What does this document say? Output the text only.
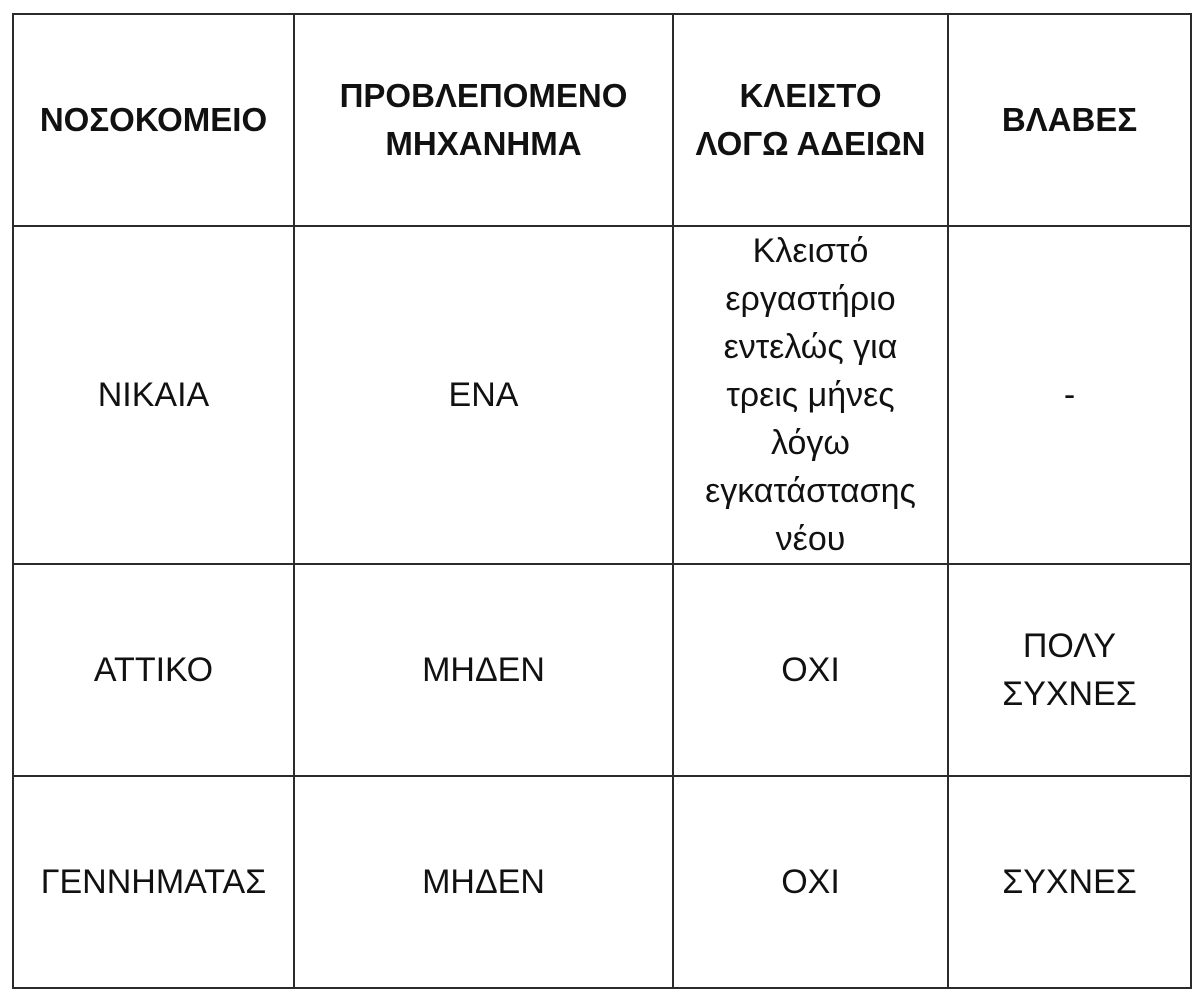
ΝΟΣΟΚΟΜΕΙΟ	ΠΡΟΒΛΕΠΟΜΕΝΟ ΜΗΧΑΝΗΜΑ	ΚΛΕΙΣΤΟ ΛΟΓΩ ΑΔΕΙΩΝ	ΒΛΑΒΕΣ
ΝΙΚΑΙΑ	ΕΝΑ	Κλειστό εργαστήριο εντελώς για τρεις μήνες λόγω εγκατάστασης νέου	-
ΑΤΤΙΚΟ	ΜΗΔΕΝ	ΟΧΙ	ΠΟΛΥ ΣΥΧΝΕΣ
ΓΕΝΝΗΜΑΤΑΣ	ΜΗΔΕΝ	ΟΧΙ	ΣΥΧΝΕΣ
